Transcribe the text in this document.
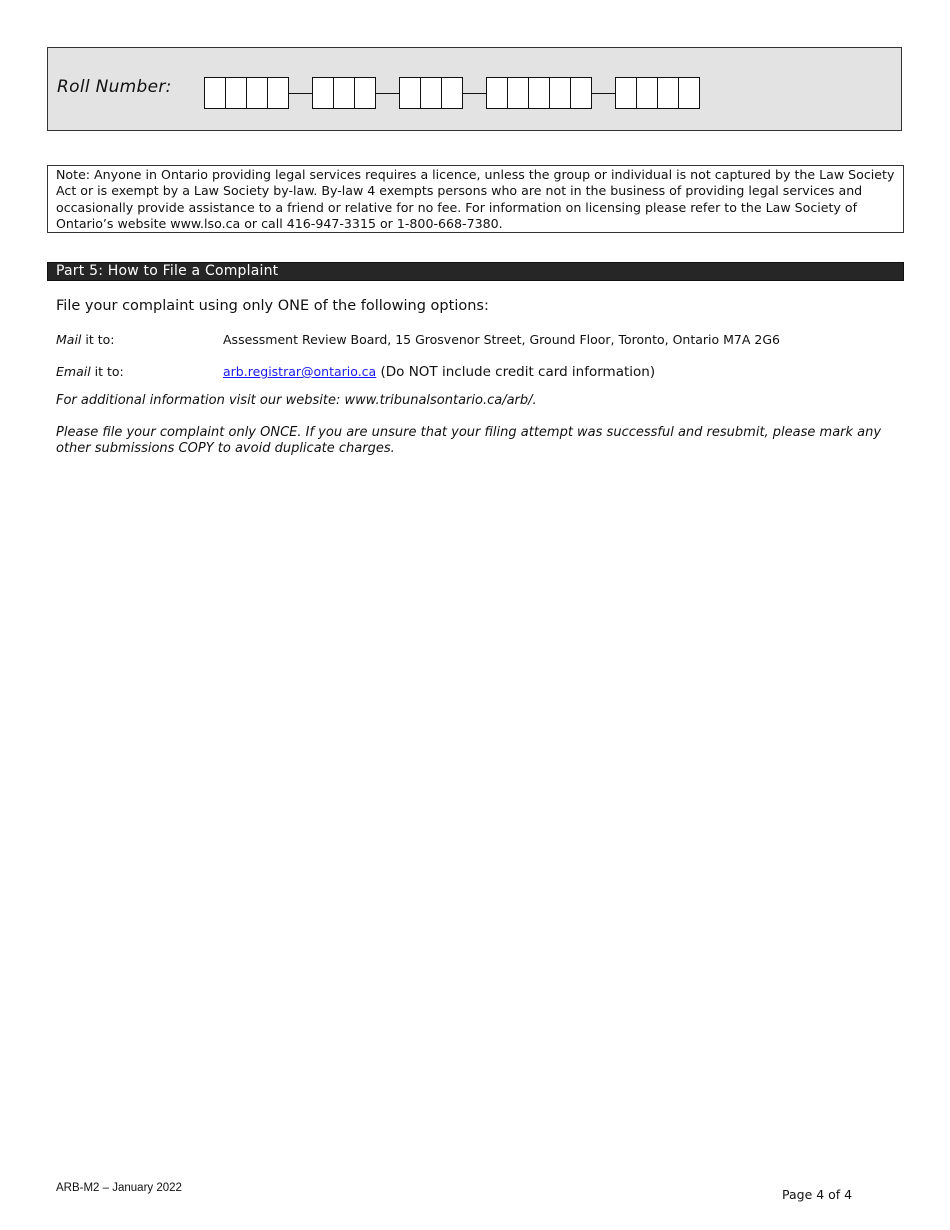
Roll Number:

Note: Anyone in Ontario providing legal services requires a licence, unless the group or individual is not captured by the Law Society Act or is exempt by a Law Society by-law. By-law 4 exempts persons who are not in the business of providing legal services and occasionally provide assistance to a friend or relative for no fee. For information on licensing please refer to the Law Society of Ontario’s website www.lso.ca or call 416-947-3315 or 1-800-668-7380.

Part 5: How to File a Complaint

File your complaint using only ONE of the following options:

Mail it to:	Assessment Review Board, 15 Grosvenor Street, Ground Floor, Toronto, Ontario M7A 2G6
Email it to:	arb.registrar@ontario.ca (Do NOT include credit card information)

For additional information visit our website: www.tribunalsontario.ca/arb/.

Please file your complaint only ONCE. If you are unsure that your filing attempt was successful and resubmit, please mark any other submissions COPY to avoid duplicate charges.

ARB-M2 – January 2022	Page 4 of 4
